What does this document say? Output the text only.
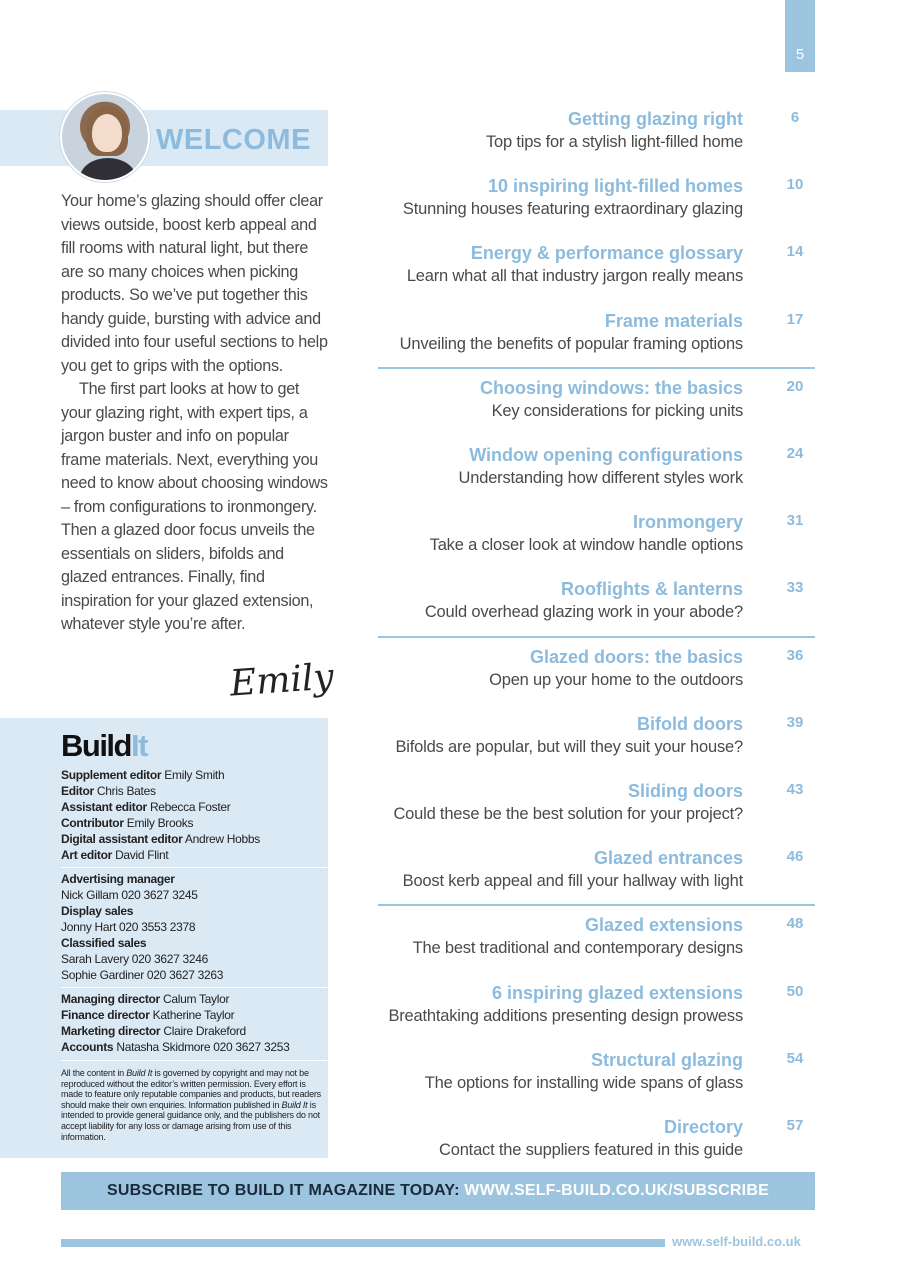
5
WELCOME

Your home’s glazing should offer clear views outside, boost kerb appeal and fill rooms with natural light, but there are so many choices when picking products. So we’ve put together this handy guide, bursting with advice and divided into four useful sections to help you get to grips with the options.

The first part looks at how to get your glazing right, with expert tips, a jargon buster and info on popular frame materials. Next, everything you need to know about choosing windows – from configurations to ironmongery. Then a glazed door focus unveils the essentials on sliders, bifolds and glazed entrances. Finally, find inspiration for your glazed extension, whatever style you’re after.

Emily
BuildIt
Supplement editor Emily Smith
Editor Chris Bates
Assistant editor Rebecca Foster
Contributor Emily Brooks
Digital assistant editor Andrew Hobbs
Art editor David Flint
Advertising manager
Nick Gillam 020 3627 3245
Display sales
Jonny Hart 020 3553 2378
Classified sales
Sarah Lavery 020 3627 3246
Sophie Gardiner 020 3627 3263
Managing director Calum Taylor
Finance director Katherine Taylor
Marketing director Claire Drakeford
Accounts Natasha Skidmore 020 3627 3253
All the content in Build It is governed by copyright and may not be reproduced without the editor’s written permission. Every effort is made to feature only reputable companies and products, but readers should make their own enquiries. Information published in Build It is intended to provide general guidance only, and the publishers do not accept liability for any loss or damage arising from use of this information.
Getting glazing right
Top tips for a stylish light-filled home
6
10 inspiring light-filled homes
Stunning houses featuring extraordinary glazing
10
Energy & performance glossary
Learn what all that industry jargon really means
14
Frame materials
Unveiling the benefits of popular framing options
17
Choosing windows: the basics
Key considerations for picking units
20
Window opening configurations
Understanding how different styles work
24
Ironmongery
Take a closer look at window handle options
31
Rooflights & lanterns
Could overhead glazing work in your abode?
33
Glazed doors: the basics
Open up your home to the outdoors
36
Bifold doors
Bifolds are popular, but will they suit your house?
39
Sliding doors
Could these be the best solution for your project?
43
Glazed entrances
Boost kerb appeal and fill your hallway with light
46
Glazed extensions
The best traditional and contemporary designs
48
6 inspiring glazed extensions
Breathtaking additions presenting design prowess
50
Structural glazing
The options for installing wide spans of glass
54
Directory
Contact the suppliers featured in this guide
57
SUBSCRIBE TO BUILD IT MAGAZINE TODAY: WWW.SELF-BUILD.CO.UK/SUBSCRIBE
www.self-build.co.uk
